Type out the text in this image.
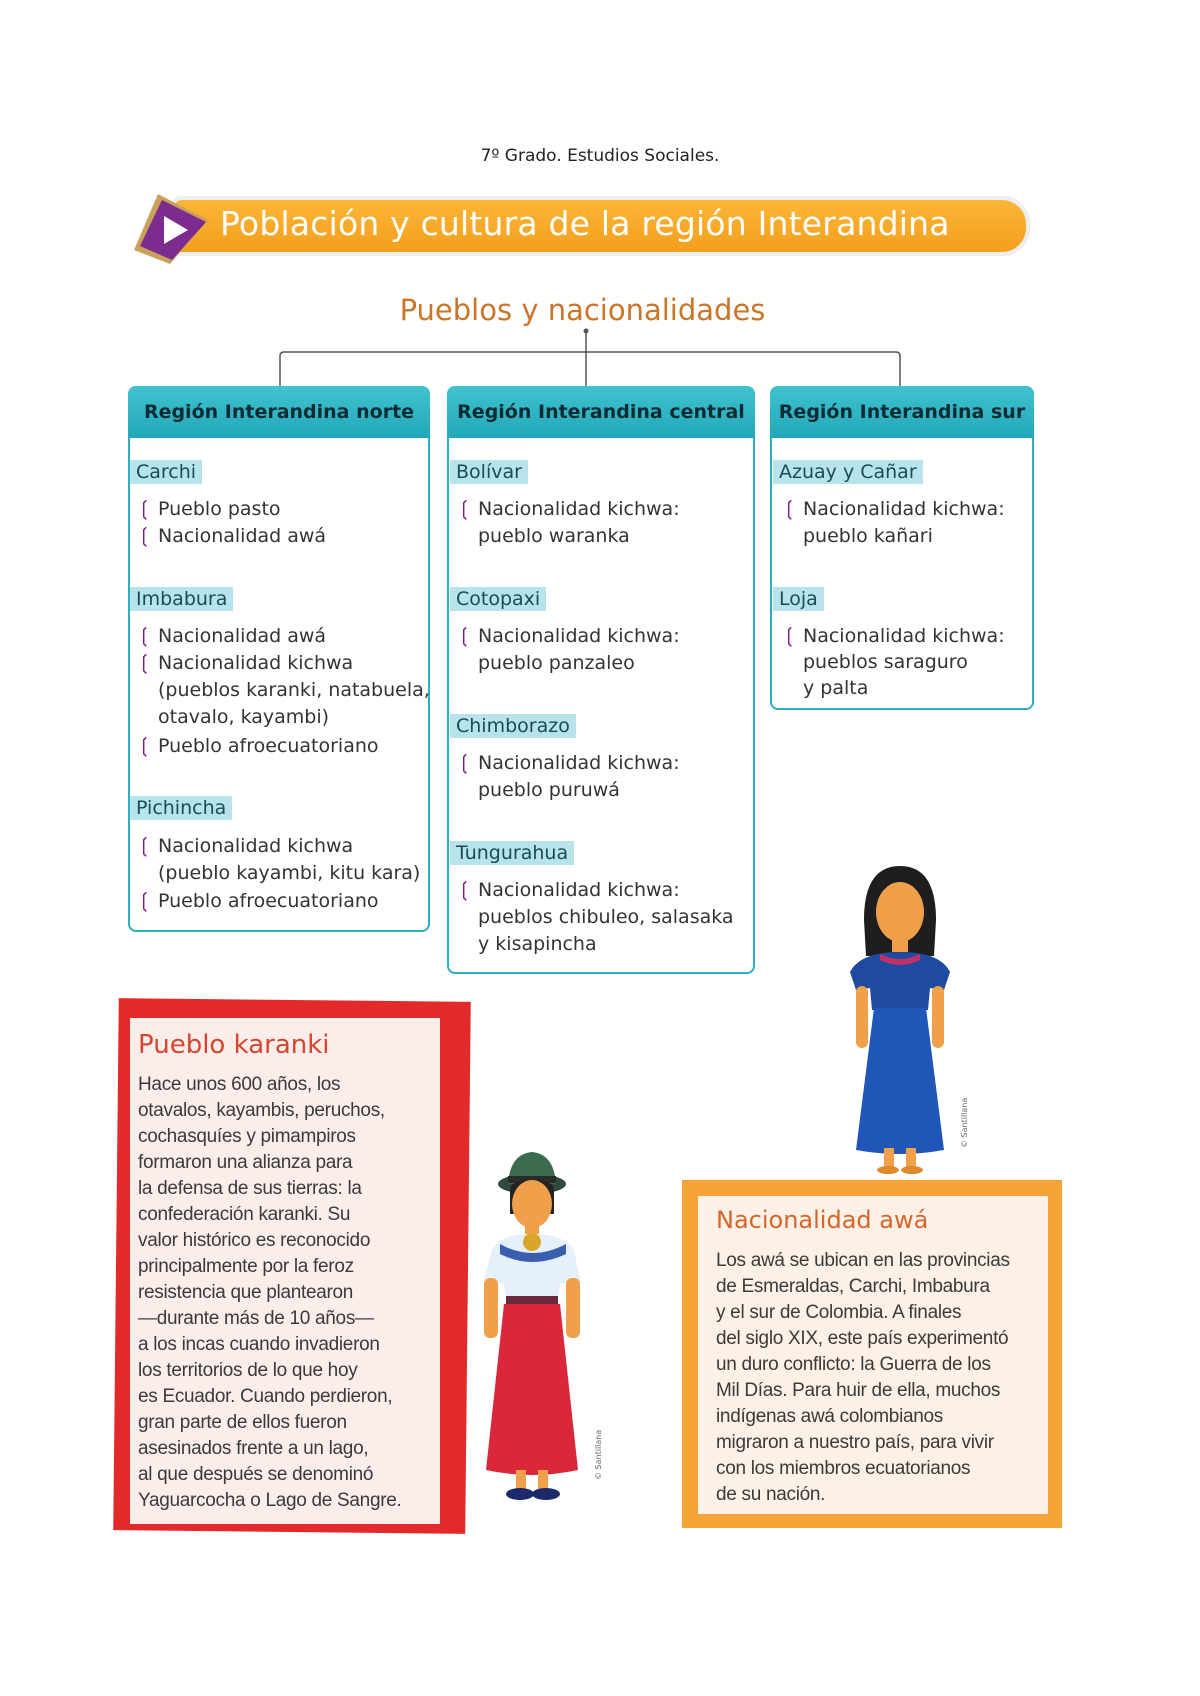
7º Grado. Estudios Sociales.
Población y cultura de la región Interandina
Pueblos y nacionalidades
Región Interandina norte
Carchi
❲ Pueblo pasto
❲ Nacionalidad awá
Imbabura
❲ Nacionalidad awá
❲ Nacionalidad kichwa
(pueblos karanki, natabuela,
otavalo, kayambi)
❲ Pueblo afroecuatoriano
Pichincha
❲ Nacionalidad kichwa
(pueblo kayambi, kitu kara)
❲ Pueblo afroecuatoriano
Región Interandina central
Bolívar
❲ Nacionalidad kichwa:
pueblo waranka
Cotopaxi
❲ Nacionalidad kichwa:
pueblo panzaleo
Chimborazo
❲ Nacionalidad kichwa:
pueblo puruwá
Tungurahua
❲ Nacionalidad kichwa:
pueblos chibuleo, salasaka
y kisapincha
Región Interandina sur
Azuay y Cañar
❲ Nacionalidad kichwa:
pueblo kañari
Loja
❲ Nacionalidad kichwa:
pueblos saraguro
y palta
Pueblo karanki
Hace unos 600 años, los
otavalos, kayambis, peruchos,
cochasquíes y pimampiros
formaron una alianza para
la defensa de sus tierras: la
confederación karanki. Su
valor histórico es reconocido
principalmente por la feroz
resistencia que plantearon
—durante más de 10 años—
a los incas cuando invadieron
los territorios de lo que hoy
es Ecuador. Cuando perdieron,
gran parte de ellos fueron
asesinados frente a un lago,
al que después se denominó
Yaguarcocha o Lago de Sangre.
© Santillana
© Santillana
Nacionalidad awá
Los awá se ubican en las provincias
de Esmeraldas, Carchi, Imbabura
y el sur de Colombia. A finales
del siglo XIX, este país experimentó
un duro conflicto: la Guerra de los
Mil Días. Para huir de ella, muchos
indígenas awá colombianos
migraron a nuestro país, para vivir
con los miembros ecuatorianos
de su nación.
